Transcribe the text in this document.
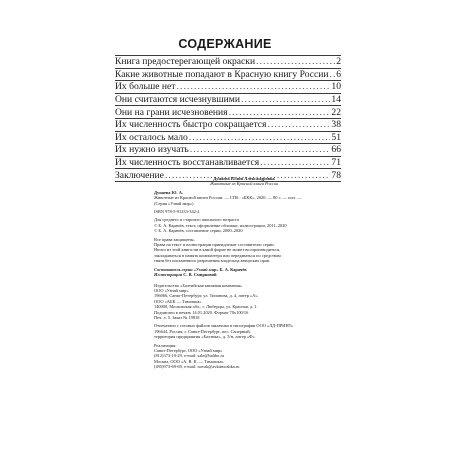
СОДЕРЖАНИЕ
Книга предостерегающей окраски .....	2
Какие животные попадают в Красную книгу России ..... 6
Их больше нет .....	10
Они считаются исчезнувшими .....	14
Они на грани исчезновения .....	22
Их численность быстро сокращается .....	38
Их осталось мало .....	51
Их нужно изучать .....	66
Их численность восстанавливается .....	71
Заключение .....	78
Дунаева Юлия Александровна
Животные из Красной книги России
Дунаева Ю. А.
Животные из Красной книги России. — СПб.: «БКК», 2020. — 80 с. — илл. —
(Серия «Узнай мир»)
ISBN 978-5-91233-342-2
Для среднего и старшего школьного возраста
© Б. А. Карачёв, текст, оформление обложки, иллюстрации, 2011–2020
© Б. А. Карачёв, составление серии, 2000–2020
Все права защищены.
Права на текст и иллюстрации принадлежат составителю серии.
Ничто из этой книги ни в какой форме не может воспроизводиться,
закладываться в память компьютера или передаваться по средствам
связи без письменного разрешения владельца авторских прав.
Составитель серии «Узнай мир» Б. А. Карачёв
Иллюстрации С. В. Смирновой
Издательство «Балтийская книжная компания»
ООО «Узнай мир»
196066, Санкт-Петербург, ул. Типанова, д. 4, литер «А».
ООО «АБК — Тимошка»
140000, Московская обл., г. Люберцы, ул. Красная, д. 1.
Подписано в печать 14.01.2020. Формат 70х100/16
Печ. л. 5. Заказ № 19818
Отпечатано с готовых файлов заказчика в типографии ООО «ЛД-ПРИНТ»
196644, Россия, г. Санкт-Петербург, пос. Саперный,
территория предприятия «Балтика», д. 5/н, литер «Ф»
Реализация:
Санкт-Петербург, ООО «Узнай мир»
(812)373-10-29, e-mail: sale@baltbo.ru
Москва, ООО «А. В. К. — Тимошка»
(495)973-69-69, e-mail: novak@avktimoshka.ru
